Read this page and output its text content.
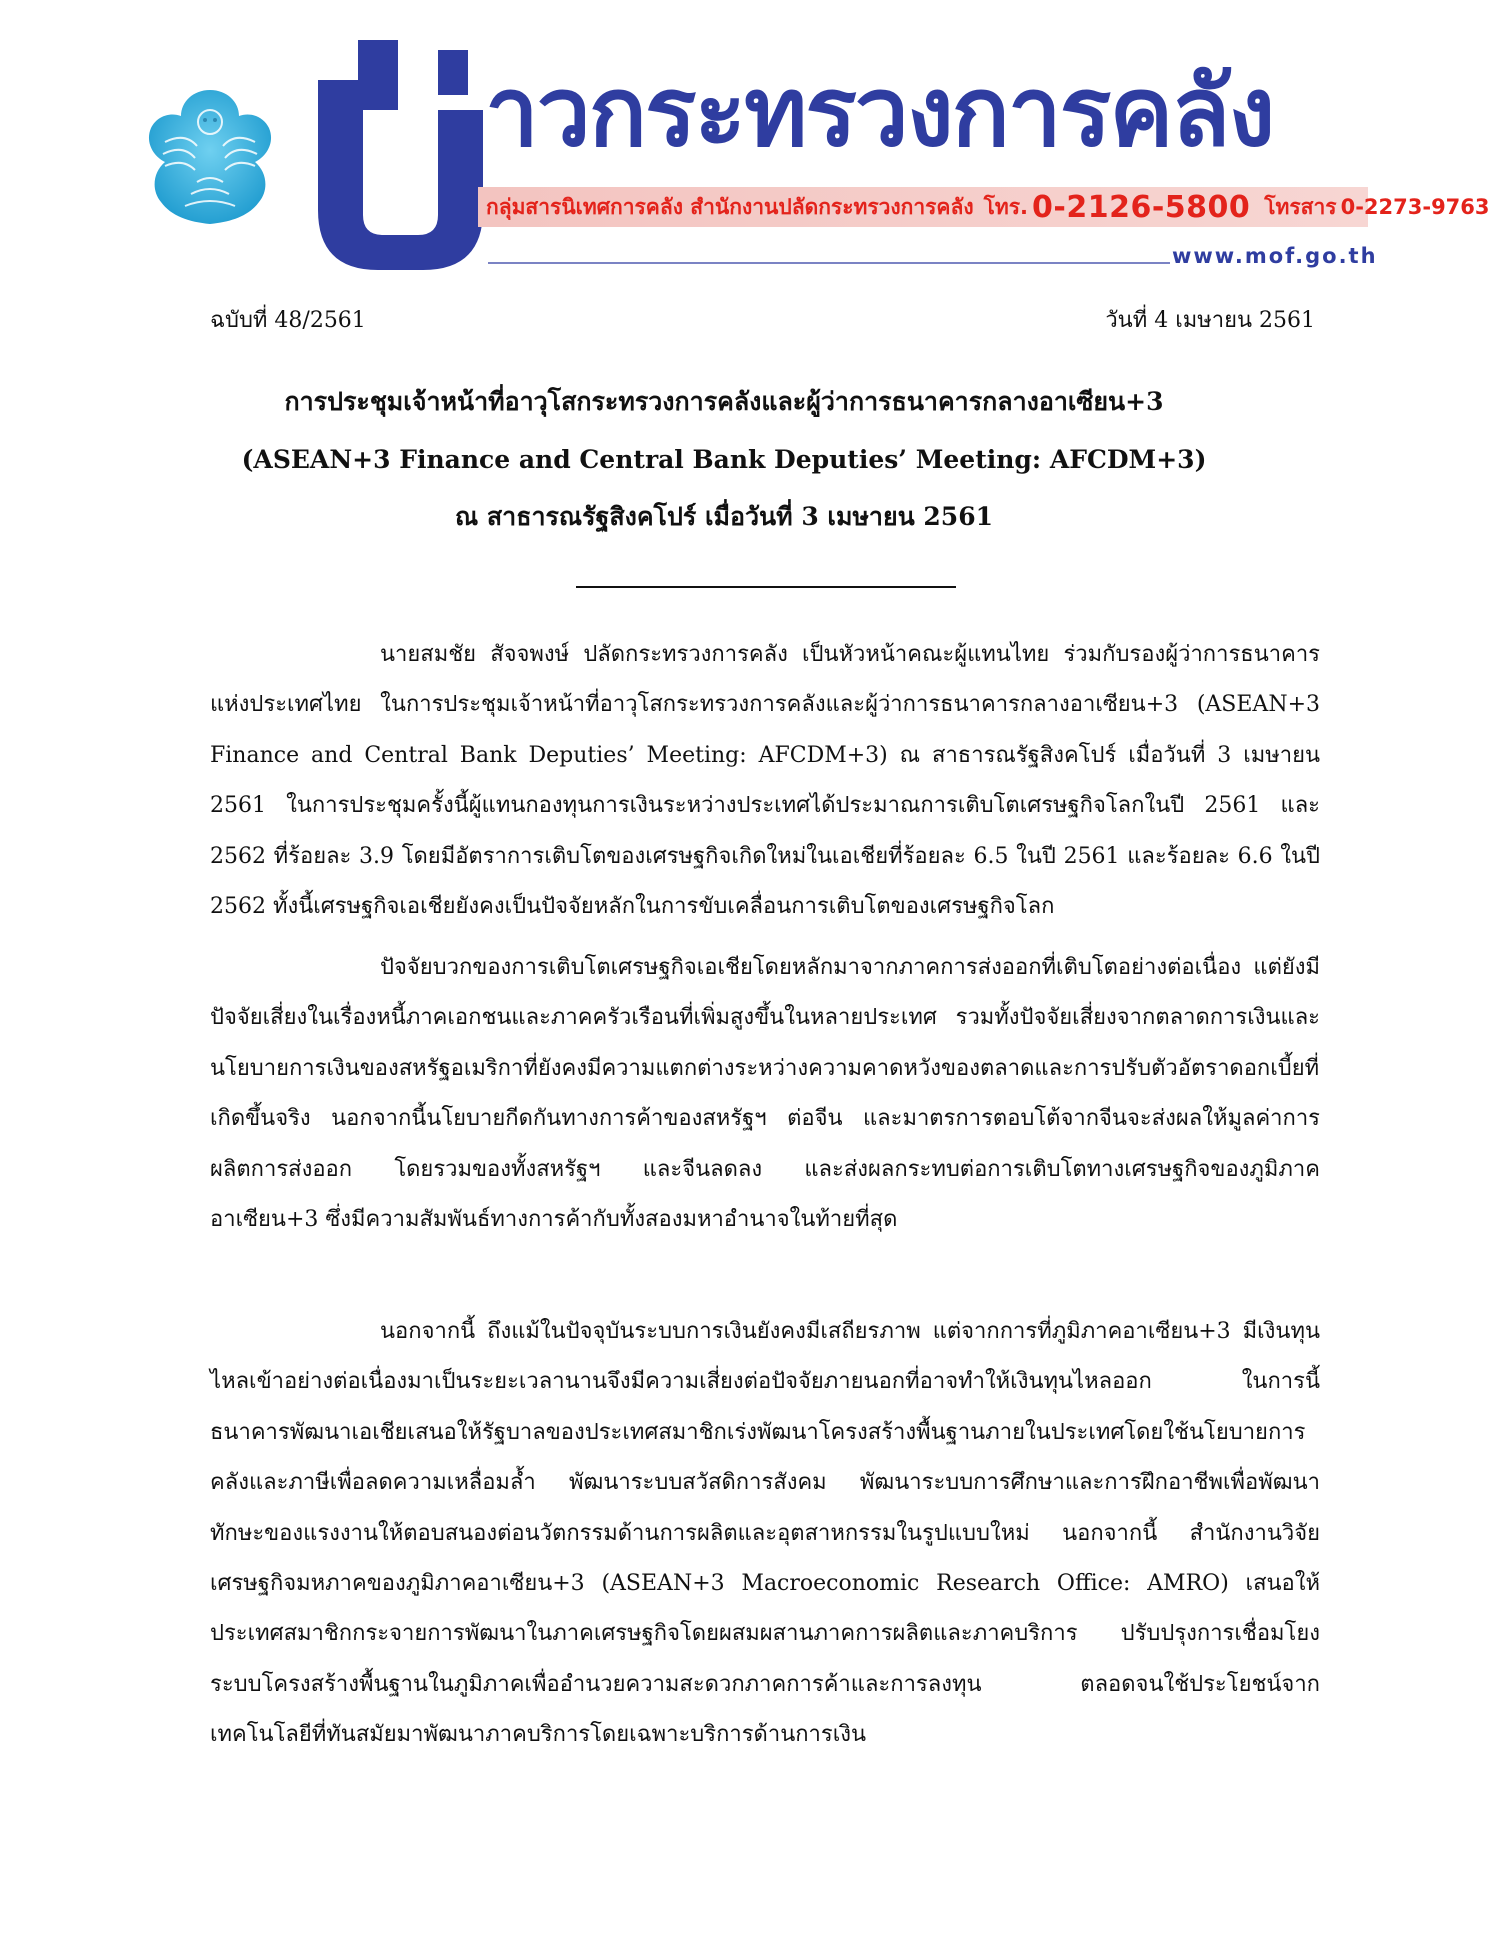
าวกระทรวงการคลัง
กลุ่มสารนิเทศการคลัง สำนักงานปลัดกระทรวงการคลัง โทร. 0-2126-5800 โทรสาร 0-2273-9763
www.mof.go.th
ฉบับที่ 48/2561	วันที่ 4 เมษายน 2561
การประชุมเจ้าหน้าที่อาวุโสกระทรวงการคลังและผู้ว่าการธนาคารกลางอาเซียน+3
(ASEAN+3 Finance and Central Bank Deputies’ Meeting: AFCDM+3)
ณ สาธารณรัฐสิงคโปร์ เมื่อวันที่ 3 เมษายน 2561

นายสมชัย สัจจพงษ์ ปลัดกระทรวงการคลัง เป็นหัวหน้าคณะผู้แทนไทย ร่วมกับรองผู้ว่าการธนาคารแห่งประเทศไทย ในการประชุมเจ้าหน้าที่อาวุโสกระทรวงการคลังและผู้ว่าการธนาคารกลางอาเซียน+3 (ASEAN+3 Finance and Central Bank Deputies’ Meeting: AFCDM+3) ณ สาธารณรัฐสิงคโปร์ เมื่อวันที่ 3 เมษายน 2561 ในการประชุมครั้งนี้ผู้แทนกองทุนการเงินระหว่างประเทศได้ประมาณการเติบโตเศรษฐกิจโลกในปี 2561 และ 2562 ที่ร้อยละ 3.9 โดยมีอัตราการเติบโตของเศรษฐกิจเกิดใหม่ในเอเชียที่ร้อยละ 6.5 ในปี 2561 และร้อยละ 6.6 ในปี 2562 ทั้งนี้เศรษฐกิจเอเชียยังคงเป็นปัจจัยหลักในการขับเคลื่อนการเติบโตของเศรษฐกิจโลก

ปัจจัยบวกของการเติบโตเศรษฐกิจเอเชียโดยหลักมาจากภาคการส่งออกที่เติบโตอย่างต่อเนื่อง แต่ยังมีปัจจัยเสี่ยงในเรื่องหนี้ภาคเอกชนและภาคครัวเรือนที่เพิ่มสูงขึ้นในหลายประเทศ รวมทั้งปัจจัยเสี่ยงจากตลาดการเงินและนโยบายการเงินของสหรัฐอเมริกาที่ยังคงมีความแตกต่างระหว่างความคาดหวังของตลาดและการปรับตัวอัตราดอกเบี้ยที่เกิดขึ้นจริง นอกจากนี้นโยบายกีดกันทางการค้าของสหรัฐฯ ต่อจีน และมาตรการตอบโต้จากจีนจะส่งผลให้มูลค่าการผลิตการส่งออก โดยรวมของทั้งสหรัฐฯ และจีนลดลง และส่งผลกระทบต่อการเติบโตทางเศรษฐกิจของภูมิภาคอาเซียน+3 ซึ่งมีความสัมพันธ์ทางการค้ากับทั้งสองมหาอำนาจในท้ายที่สุด

นอกจากนี้ ถึงแม้ในปัจจุบันระบบการเงินยังคงมีเสถียรภาพ แต่จากการที่ภูมิภาคอาเซียน+3 มีเงินทุนไหลเข้าอย่างต่อเนื่องมาเป็นระยะเวลานานจึงมีความเสี่ยงต่อปัจจัยภายนอกที่อาจทำให้เงินทุนไหลออก ในการนี้ ธนาคารพัฒนาเอเชียเสนอให้รัฐบาลของประเทศสมาชิกเร่งพัฒนาโครงสร้างพื้นฐานภายในประเทศโดยใช้นโยบายการคลังและภาษีเพื่อลดความเหลื่อมล้ำ พัฒนาระบบสวัสดิการสังคม พัฒนาระบบการศึกษาและการฝึกอาชีพเพื่อพัฒนาทักษะของแรงงานให้ตอบสนองต่อนวัตกรรมด้านการผลิตและอุตสาหกรรมในรูปแบบใหม่ นอกจากนี้ สำนักงานวิจัยเศรษฐกิจมหภาคของภูมิภาคอาเซียน+3 (ASEAN+3 Macroeconomic Research Office: AMRO) เสนอให้ประเทศสมาชิกกระจายการพัฒนาในภาคเศรษฐกิจโดยผสมผสานภาคการผลิตและภาคบริการ ปรับปรุงการเชื่อมโยงระบบโครงสร้างพื้นฐานในภูมิภาคเพื่ออำนวยความสะดวกภาคการค้าและการลงทุน ตลอดจนใช้ประโยชน์จากเทคโนโลยีที่ทันสมัยมาพัฒนาภาคบริการโดยเฉพาะบริการด้านการเงิน
